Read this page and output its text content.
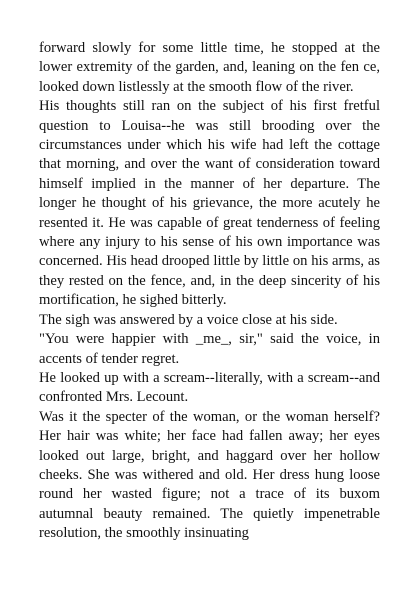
forward slowly for some little time, he stopped at the lower extremity of the garden, and, leaning on the fen ce, looked down listlessly at the smooth flow of the river.

His thoughts still ran on the subject of his first fretful question to Louisa--he was still brooding over the circumstances under which his wife had left the cottage that morning, and over the want of consideration toward himself implied in the manner of her departure. The longer he thought of his grievance, the more acutely he resented it. He was capable of great tenderness of feeling where any injury to his sense of his own importance was concerned. His head drooped little by little on his arms, as they rested on the fence, and, in the deep sincerity of his mortification, he sighed bitterly.

The sigh was answered by a voice close at his side.

"You were happier with _me_, sir," said the voice, in accents of tender regret.

He looked up with a scream--literally, with a scream--and confronted Mrs. Lecount.

Was it the specter of the woman, or the woman herself? Her hair was white; her face had fallen away; her eyes looked out large, bright, and haggard over her hollow cheeks. She was withered and old. Her dress hung loose round her wasted figure; not a trace of its buxom autumnal beauty remained. The quietly impenetrable resolution, the smoothly insinuating
